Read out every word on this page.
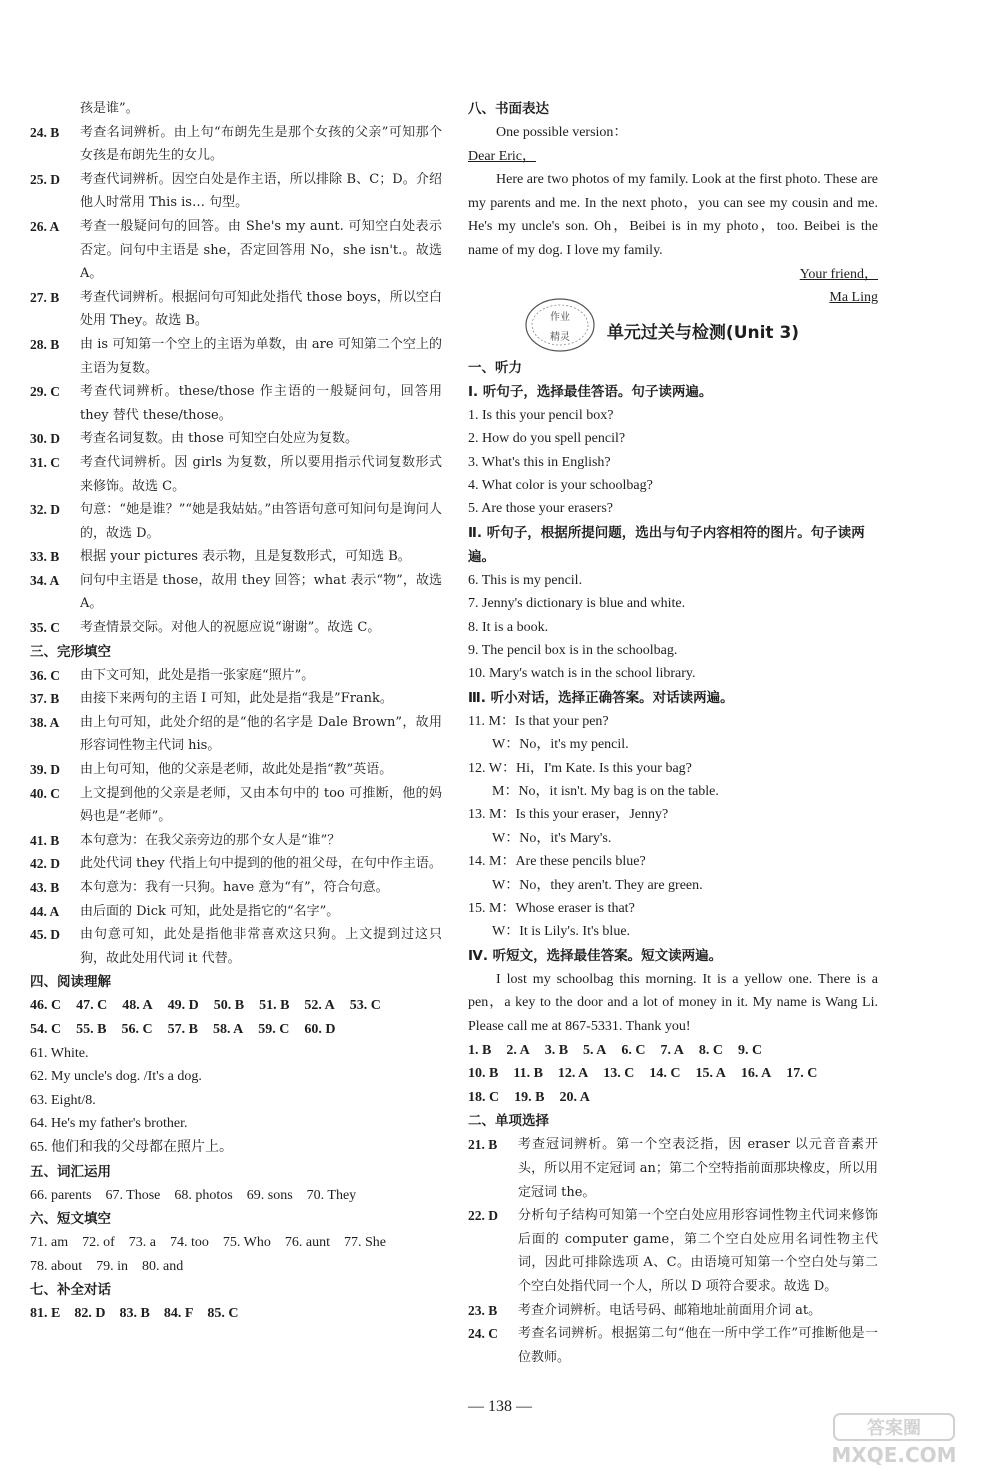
孩是谁”。
24. B	考查名词辨析。由上句“布朗先生是那个女孩的父亲”可知那个女孩是布朗先生的女儿。
25. D	考查代词辨析。因空白处是作主语，所以排除 B、C；D。介绍他人时常用 This is… 句型。
26. A	考查一般疑问句的回答。由 She's my aunt. 可知空白处表示否定。问句中主语是 she，否定回答用 No，she isn't.。故选 A。
27. B	考查代词辨析。根据问句可知此处指代 those boys，所以空白处用 They。故选 B。
28. B	由 is 可知第一个空上的主语为单数，由 are 可知第二个空上的主语为复数。
29. C	考查代词辨析。these/those 作主语的一般疑问句，回答用 they 替代 these/those。
30. D	考查名词复数。由 those 可知空白处应为复数。
31. C	考查代词辨析。因 girls 为复数，所以要用指示代词复数形式来修饰。故选 C。
32. D	句意：“她是谁？”“她是我姑姑。”由答语句意可知问句是询问人的，故选 D。
33. B	根据 your pictures 表示物，且是复数形式，可知选 B。
34. A	问句中主语是 those，故用 they 回答；what 表示“物”，故选 A。
35. C	考查情景交际。对他人的祝愿应说“谢谢”。故选 C。
三、完形填空
36. C	由下文可知，此处是指一张家庭“照片”。
37. B	由接下来两句的主语 I 可知，此处是指“我是”Frank。
38. A	由上句可知，此处介绍的是“他的名字是 Dale Brown”，故用形容词性物主代词 his。
39. D	由上句可知，他的父亲是老师，故此处是指“教”英语。
40. C	上文提到他的父亲是老师，又由本句中的 too 可推断，他的妈妈也是“老师”。
41. B	本句意为：在我父亲旁边的那个女人是“谁”？
42. D	此处代词 they 代指上句中提到的他的祖父母，在句中作主语。
43. B	本句意为：我有一只狗。have 意为“有”，符合句意。
44. A	由后面的 Dick 可知，此处是指它的“名字”。
45. D	由句意可知，此处是指他非常喜欢这只狗。上文提到过这只狗，故此处用代词 it 代替。
四、阅读理解
46. C 47. C 48. A 49. D 50. B 51. B 52. A 53. C
54. C 55. B 56. C 57. B 58. A 59. C 60. D
61. White.
62. My uncle's dog. /It's a dog.
63. Eight/8.
64. He's my father's brother.
65. 他们和我的父母都在照片上。
五、词汇运用
66. parents 67. Those 68. photos 69. sons 70. They
六、短文填空
71. am 72. of 73. a 74. too 75. Who 76. aunt 77. She
78. about 79. in 80. and
七、补全对话
81. E 82. D 83. B 84. F 85. C
八、书面表达
One possible version：
Dear Eric，
Here are two photos of my family. Look at the first photo. These are my parents and me. In the next photo，you can see my cousin and me. He's my uncle's son. Oh，Beibei is in my photo，too. Beibei is the name of my dog. I love my family.
Your friend，
Ma Ling
作业
精灵 单元过关与检测(Unit 3)
一、听力
Ⅰ. 听句子，选择最佳答语。句子读两遍。
1. Is this your pencil box?
2. How do you spell pencil?
3. What's this in English?
4. What color is your schoolbag?
5. Are those your erasers?
Ⅱ. 听句子，根据所提问题，选出与句子内容相符的图片。句子读两遍。
6. This is my pencil.
7. Jenny's dictionary is blue and white.
8. It is a book.
9. The pencil box is in the schoolbag.
10. Mary's watch is in the school library.
Ⅲ. 听小对话，选择正确答案。对话读两遍。
11. M：Is that your pen?
W：No，it's my pencil.
12. W：Hi，I'm Kate. Is this your bag?
M：No，it isn't. My bag is on the table.
13. M：Is this your eraser，Jenny?
W：No，it's Mary's.
14. M：Are these pencils blue?
W：No，they aren't. They are green.
15. M：Whose eraser is that?
W：It is Lily's. It's blue.
Ⅳ. 听短文，选择最佳答案。短文读两遍。
I lost my schoolbag this morning. It is a yellow one. There is a pen，a key to the door and a lot of money in it. My name is Wang Li. Please call me at 867-5331. Thank you!
1. B 2. A 3. B 5. A 6. C 7. A 8. C 9. C
10. B 11. B 12. A 13. C 14. C 15. A 16. A 17. C
18. C 19. B 20. A
二、单项选择
21. B	考查冠词辨析。第一个空表泛指，因 eraser 以元音音素开头，所以用不定冠词 an；第二个空特指前面那块橡皮，所以用定冠词 the。
22. D	分析句子结构可知第一个空白处应用形容词性物主代词来修饰后面的 computer game，第二个空白处应用名词性物主代词，因此可排除选项 A、C。由语境可知第一个空白处与第二个空白处指代同一个人，所以 D 项符合要求。故选 D。
23. B	考查介词辨析。电话号码、邮箱地址前面用介词 at。
24. C	考查名词辨析。根据第二句“他在一所中学工作”可推断他是一位教师。
— 138 —
答案圈
MXQE.COM
